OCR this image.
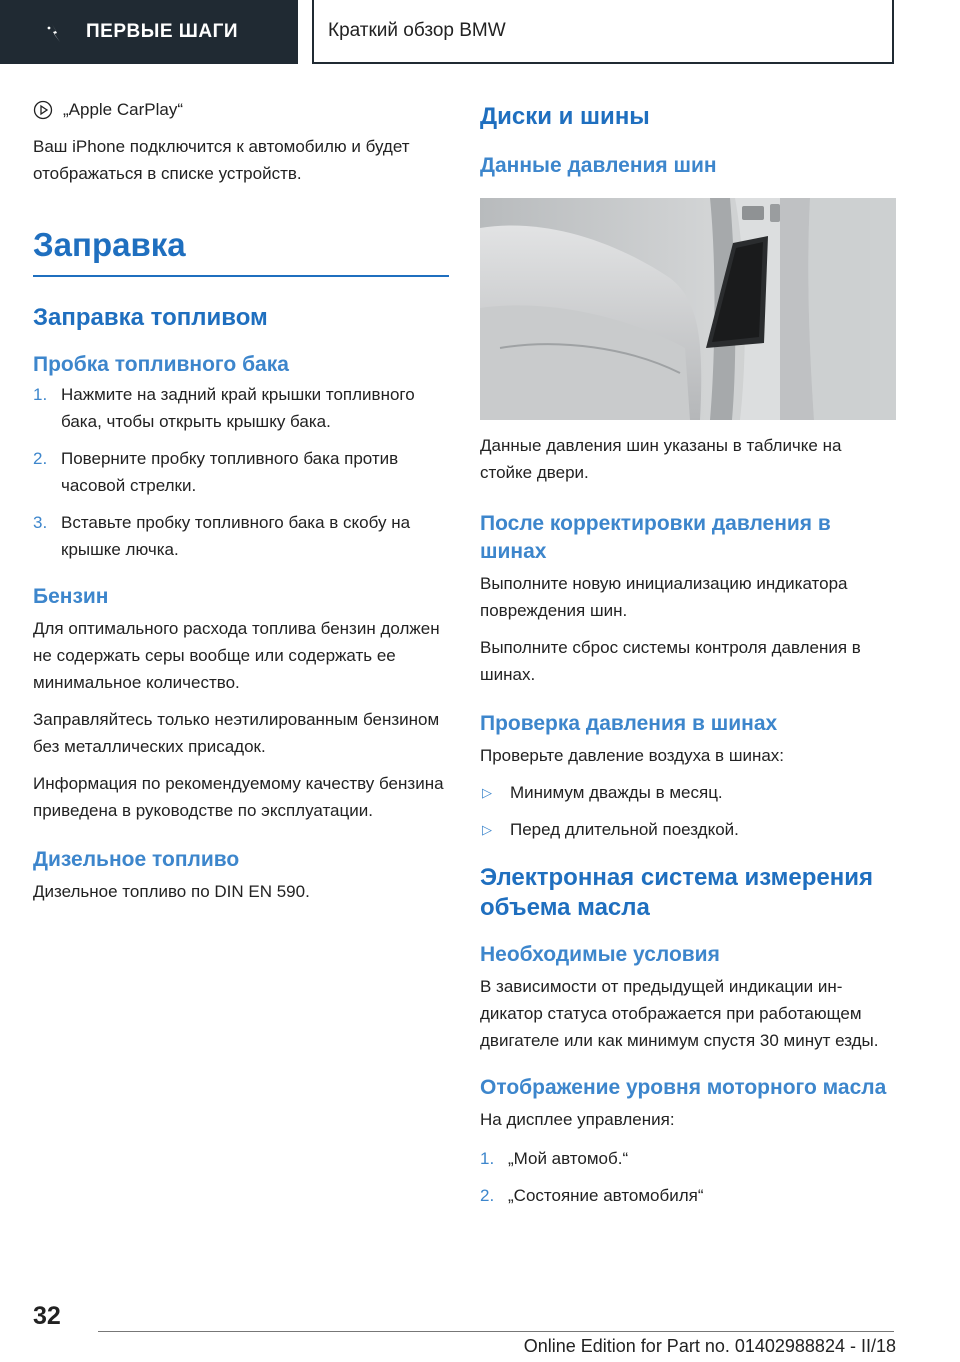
ПЕРВЫЕ ШАГИ	Краткий обзор BMW
„Apple CarPlay“

Ваш iPhone подключится к автомобилю и будет отображаться в списке устройств.

Заправка
Заправка топливом
Пробка топливного бака
1. Нажмите на задний край крышки топливного бака, чтобы открыть крышку бака.
2. Поверните пробку топливного бака против часовой стрелки.
3. Вставьте пробку топливного бака в скобу на крышке лючка.
Бензин

Для оптимального расхода топлива бензин должен не содержать серы вообще или содержать ее минимальное количество.

Заправляйтесь только неэтилированным бензином без металлических присадок.

Информация по рекомендуемому качеству бензина приведена в руководстве по эксплуатации.

Дизельное топливо

Дизельное топливо по DIN EN 590.

Диски и шины
Данные давления шин

Данные давления шин указаны в табличке на стойке двери.

После корректировки давления в шинах

Выполните новую инициализацию индикатора повреждения шин.

Выполните сброс системы контроля давления в шинах.

Проверка давления в шинах

Проверьте давление воздуха в шинах:

▷	Минимум дважды в месяц.
▷	Перед длительной поездкой.
Электронная система измерения объема масла
Необходимые условия

В зависимости от предыдущей индикации индикатор статуса отображается при работающем двигателе или как минимум спустя 30 минут езды.

Отображение уровня моторного масла

На дисплее управления:

1. „Мой автомоб.“
2. „Состояние автомобиля“
32
Online Edition for Part no. 01402988824 - II/18
